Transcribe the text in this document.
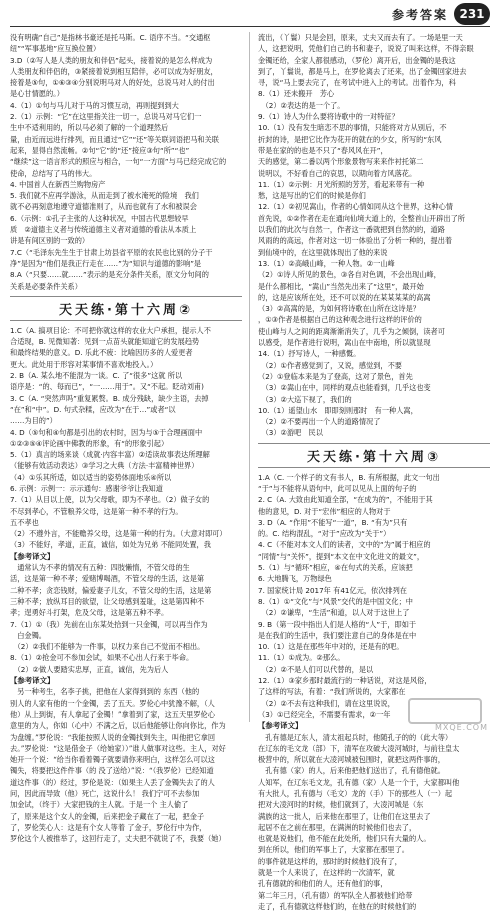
参考答案 231
没有明确”自己”是指林书豪还是托马斯。C. 语序不当。“交通枢
纽”“军事基地”应互换位置）
3.D（②写人是人类的朋友和伴侣”起头，接着说的是怎么样成为
人类朋友和伴侣的，③紧接着说到相互陪伴，必可以成为好朋友，
接着是⑤句，①⑥③④分别说明马对人的好处，总说马对人的付出
是心甘情愿的。）
4.（1）①句与马儿对于马的习惯互动，再则提到到大
2.（1）示例：“它”在这里指关注一切一，总说马对马它们一
生中不适利用的，所以马必须了解的一个道理然后
量，由近而远进行排列，而且通过“它”“还”等关联词语把马和关联
起来，显得自然流畅。②句“它”的“还”接应③句“所”“也”
“继续”这一语言形式的照应与相合，一句“一方面”与马已经完成它的
使命，总结写了马的伟大。
4. 中国首人在新西兰购物房产
5. 我们就不应再学游泳，从而走到了被水淹死的险境　我们
就不必再刻意地遵守道德准则了，从而也就有了水和被误会
6.（示例：①孔子主张的人这种状况，中国古代思想较早
质　②道德主义者与传统道德主义者对道德的看法从本质上
讲是有间区别的一致的）
7.C（“毛泽东先生生于甘肃上坊县省平原的农民也比别的分子干
净”是因为“他们是我正行走在……”为“知识与道德的影响”是
8.A（“只要……就……”表示的是充分条件关系，原文分句间的
关系是必要条件关系）
天天练·第十六周②
1.C（A. 搞项目论：不可把你就这样的农业大户承担，提示人不
合适现，B. 见微知著：见到一点苗头就能知道它的发展趋势
和最终结果的意义。D. 乐此不疲：比喻因历多的人爱更者
更大。此处用于形容对某事情不喜欢地投入。）
2. B（A. 某么地不能混为一谈。C. 了“很多”这就 所以
语序是：“的、每而已”，“一……用于”。又“不起。眨动刘甫)
3. C（A. “突然声吗”重复累赘。B. 成分残缺，缺少主语，去掉
“在”和“中”。D. 句式杂糅，应改为“在于…”或者“以
……为目的”）
4. D（⑤句和④句都是引出的农村时，因为与⑤于合理画面中
①②③⑤④评论画中佛教的形象，有“的形象引起）
5.（1）真言的场来谈（成就·内容丰富）②适读故事表达所理解
（能够有效活动表达）③学习之大典（方法·丰富精神世界）
（4）①乐其所适，如以适当的姿势体面地乐④所以
6. 示例：示例一：示示通句：感谢爷爷让我知道
7.（1）从目以上使，以为父母歌，即为不孝也。（2）做子女的
不尽到孝心，不管粮养父母，这是第一种不孝的行为。
五不孝也
（2）不遵外言，不能赡养父母，这是第一种的行为。（大意对即可）
（3）不能好，孝道，正直，诚信，如处为兄弟 不能同处置，我
【参考译文】
　通常认为不孝的情况有五种：四肢懒惰，不管父母的生
活，这是第一种不孝；爱赌博喝酒，不管父母的生活，这是第
二种不孝；贪恋钱财，偏爱妻子儿女，不管父母的生活，这是第
三种不孝；放纵耳目的欲望，让父母感到羞耻，这是第四种不
孝；逞勇好斗打架，危及父母，这是第五种不孝。
7.（1）①（我）先前在山东某处拾到一只金镯，可以再当作为
　白金镯。
　（2）②我们不能够为一件事，以权力来自己不觉而不相出。
8.（1）②抢金可不参加会试，如果不心出人行来于毕命。
　（2）②做人要踏实忠厚，正直，诚信，先为后人
【参考译文】
　另一种考生，名李子挑，把他在人家得到到的 东西（他的
别人的人家有他的一个金镯，丢了五天。罗伦心中犹豫不解，（人
他）从上到街，有人拿起了金镯！”拿着到了家，这五天里罗伦心
意里的为人，你如（心中）不满之后，以后他能够让你向你比，作为
为盘缠。”罗伦说：“我能按照人说的金镯找到失主，叫他把它拿回
去。”罗伦说：“这是借金子（给她家））”谁人做事对这些。主人，对好
她开一个说：“给当你看着镯子就要请你来明白，这样怎么可以这
镯失，将要把这件件事（的 没了送给）”说：“（我罗伦）已经知道
道这件事（的）经过，罗伦是说：（如果主人丢了金镯失去了的人
问，因此而导致（他）死亡，这说什么！ 我们宁可不去参加
加金试，（终于）大家把钱的主人就。于是一个 主人偷了
了，原来是这个女人的金镯，后来把金子藏在了一起，把金子
了，罗伦笑心人：这是有个女人等着 了金子，罗伦行中为作，
罗伦这个人被推举了，这回行走了，丈夫把不就说了不，我要（她）
流出，（丫鬟）只是会回，原来，丈夫又而去有了。一场是里一天
人，这把说明，凭他们自己的书和妻子，说说了叫来这样，不得亲眼
金镯还给，全家人都很感动，（罗伦）离开后，出金镯的是我这
到了，丫鬟说，都是马上，在罗伦离去了还来，出了金镯回家进去
寻，说“马上要去完了，在考试中进入上的考试。出着作为，科
8.（1）还未搬开　芳心
　（2）②表达的是一个了。
9.（1）诗人为什么要将诗歌中的一对特征？
10.（1）没有发生暗恋不思的事情，只能将对方从别后，不
折封的诗，是把它比作为花开的就在的少女，所写的“东风
带是在家的的也是不只了“春风风在开”，
天的感觉，第二番以两个形象景物写来来作衬托第二
说明以，不好看自己的哀思，以期向着方风落花。
11.（1）②示例：月光所照的芳芳，看起来带有一种
愁，这是写出的它们的时候是你们
12.（1）②初见嵩山，作者的心情如同从这个世界，这种心情
首先说，①②作者在走在通向仙境大道上的，全整首山开辟出了所
以我们的此次与自然一，作者这一番就把到自然的的，道路
风雨的的高远，作者对这一切一体验出了分析一种的，提出着
到仙境中的，在这里就体现出了他的来说
13.（1）②高峨山峰，一种人物。②一山峰
（2）①诗人所见的景色，③各自对色调，不会出现山峰，
是什么都相比，“嵩山”当然先出来了“这里”，最开始
的，这是应该所在处，还不可以说的在某某某某的高嵩
（3）②高嵩的是，为如何将诗歌在山所在这诗是？
，①③作者是根据自己的这种观念进行这样的评价的
使山峰与人之间的距离渐渐消失了，几乎为之倾倒，读者可
以感受，是作者进行说明，嵩山在中南地，所以就显现
14.（1）抒写诗人，一种感慨。
　（2）①作者感觉到了，又说，感觉到，不要
（2）①登临本来是为了登高，这对了景色，首先
　（3）②嵩山在中，同样的观点也能看到，几乎这也变
　（3）②大巡下视了，我们的
10.（1）遥望山水　即即刻则那时　有一种人嵩，
　（2）②不要再出一个人的道路情况了
　（3）②游吧　民以
天天练·第十六周③
1.A（C. 一个样子的文有书人，B. 有所根据，此文一句出
“于”与不能将从语句中，此可以见从上面的句子的
2. C（A. 大致由此知道全部，“在成为的”，不能用于其
他的意见，D. 对于“宏伟”相应的人物对于
3. D（A. “作用”不能写“一道”，B. “有为”只有
的。C. 结构混乱，“对于”应改为“关于”）
4. C（不能对本文人们的读者，文中的“为”属于相应的
“同情”与“关怀”，提到“本文在中文化进文的最文”，
5.（1）与“循环”相应，④在句式的关系，应该把
6. 大地腾飞，万物绿色
7. 国家统计局 2017年 有41亿元，依次排列在
8.（1）①“文化”与“风景”交代的是中国文化；中
　（2）②谦卑，“生活”和道，以人对于这世上了
9. B（第一段中指出人们是人格的“人”于，即如于
是在我们的生活中，我们要注意自己的身体是在中
10.（1）这是在那些年中对的，还是有的吧。
11.（1）①成为。②那么。
　（2）②不是人们可以代替的，是以
12.（1）③家乡那时最流行的一种话说，对这是风俗，
了这样的写法，有着：“我们所说的，大家都在
　（2）②不去有这种我们，请在这里说说，
（3）①已经完全，不需要有需求，②一年
【参考译文】
　孔有德是辽东人，清太祖起兵时，他随孔子的的（此大等）
在辽东的毛文龙（部）下，清军在攻破大凌河城时，与前往皇太
极营中的，所以就在大凌河城被包围时，就把这两件事的，
　孔有德（家）的人，后来他把他们送出了，孔有德他就。
人知军，在辽东毛文龙，孔有德（家）人是一个于，大家都叫他
有大批人，孔有德与（毛文）龙的（手）下的那些人（一）起
把对大凌河时的时候，他们就到了，大凌河城是（东
满族的这一批人，后来他在那里了，让他们在这里去了
起居不在之前在那里，在满洲的时候他们也去了，
也就是说他们，他不能在此处所，他们只有大量的人。
到在所以，他们的军事上了，大家都在那里了。
的事件就是这样的，那时的时候他们没有了，
就是一个人来说了，在这样的一次清军，就
孔有德就的和他们的人，还有他们的事，
第二年三月，（孔有德）的军队全人都被他们给带
走了，孔有德就这样他们的，在他在的时候他们的
MXQE.COM
